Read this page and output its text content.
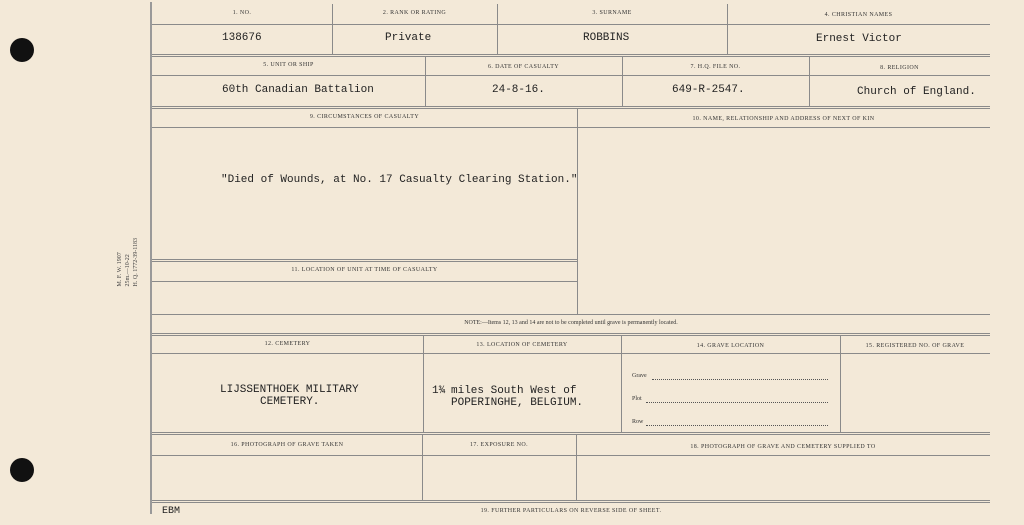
M. F. W. 1907 25m.—10-22 H. Q. 1772-39-1183
1. NO.
138676
2. RANK OR RATING
Private
3. SURNAME
ROBBINS
4. CHRISTIAN NAMES
Ernest Victor
5. UNIT OR SHIP
60th Canadian Battalion
6. DATE OF CASUALTY
24-8-16.
7. H.Q. FILE NO.
649-R-2547.
8. RELIGION
Church of England.
9. CIRCUMSTANCES OF CASUALTY
"Died of Wounds, at No. 17 Casualty Clearing Station."
10. NAME, RELATIONSHIP AND ADDRESS OF NEXT OF KIN
11. LOCATION OF UNIT AT TIME OF CASUALTY
NOTE:—Items 12, 13 and 14 are not to be completed until grave is permanently located.
12. CEMETERY
LIJSSENTHOEK MILITARY
CEMETERY.
13. LOCATION OF CEMETERY
1¾ miles South West of
POPERINGHE, BELGIUM.
14. GRAVE LOCATION
Grave
Plot
Row
15. REGISTERED NO. OF GRAVE
16. PHOTOGRAPH OF GRAVE TAKEN	17. EXPOSURE NO.	18. PHOTOGRAPH OF GRAVE AND CEMETERY SUPPLIED TO
EBM	19. FURTHER PARTICULARS ON REVERSE SIDE OF SHEET.
